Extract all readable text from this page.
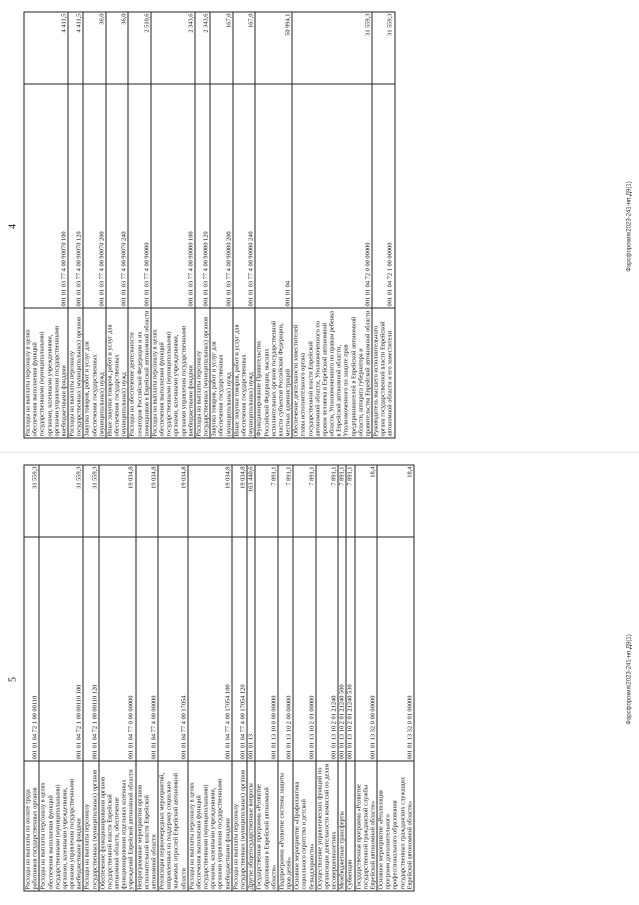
4
Расходы на выплаты персоналу в целях обеспечения выполнения функций государственными (муниципальными) органами, казенными учреждениями, органами управления государственными внебюджетными фондами	001 01 03 77 4 00 90070 100	4 411,5
Расходы на выплаты персоналу государственных (муниципальных) органов	001 01 03 77 4 00 90070 120	4 411,5
Закупка товаров, работ и услуг для обеспечения государственных (муниципальных) нужд	001 01 03 77 4 00 90070 200	36,0
Иные закупки товаров, работ и услуг для обеспечения государственных (муниципальных) нужд	001 01 03 77 4 00 90070 240	36,0
Расходы на обеспечение деятельности сенаторов Российской Федерации и их помощников в Еврейской автономной области	001 01 03 77 4 00 90080	2 510,6
Расходы на выплаты персоналу в целях обеспечения выполнения функций государственными (муниципальными) органами, казенными учреждениями, органами управления государственными внебюджетными фондами	001 01 03 77 4 00 90080 100	2 343,6
Расходы на выплаты персоналу государственных (муниципальных) органов	001 01 03 77 4 00 90080 120	2 343,6
Закупка товаров, работ и услуг для обеспечения государственных (муниципальных) нужд	001 01 03 77 4 00 90080 200	167,0
Иные закупки товаров, работ и услуг для обеспечения государственных (муниципальных) нужд	001 01 03 77 4 00 90080 240	167,0
Функционирование Правительства Российской Федерации, высших исполнительных органов государственной власти субъектов Российской Федерации, местных администраций	001 01 04	50 994,1
Обеспечение деятельности заместителей главы исполнительного органа государственной власти Еврейской автономной области, Уполномоченного по правам человека в Еврейской автономной области, Уполномоченного по правам ребенка в Еврейской автономной области, Уполномоченного по защите прав предпринимателей в Еврейской автономной области, аппарата губернатора и правительства Еврейской автономной области	001 01 04 72 0 00 00000	31 559,3
Руководитель высшего исполнительного органа государственной власти Еврейской автономной области и его заместители	001 01 04 72 1 00 00000	31 559,3
Фарсфорокия/2023-241-нп.Д9(1)
5
Расходы на выплаты по оплате труда работников государственных органов	001 01 04 72 1 00 00110	31 559,3
Расходы на выплаты персоналу в целях обеспечения выполнения функций государственными (муниципальными) органами, казенными учреждениями, органами управления государственными внебюджетными фондами	001 01 04 72 1 00 00110 100	31 559,3
Расходы на выплаты персоналу государственных (муниципальных) органов	001 01 04 72 1 00 00110 120	31 559,3
Обеспечение функционирования органов государственной власти Еврейской автономной области, обеспечение функционирования отдельных казенных учреждений Еврейской автономной области	001 01 04 77 0 00 00000	19 034,8
Непрограммные мероприятия органов исполнительной власти Еврейской автономной области	001 01 04 77 4 00 00000	19 034,8
Реализация первоочередных мероприятий, направленных на поддержку социально значимых отраслей Еврейской автономной области	001 01 04 77 4 00 17054	19 034,8
Расходы на выплаты персоналу в целях обеспечения выполнения функций государственными (муниципальными) органами, казенными учреждениями, органами управления государственными внебюджетными фондами	001 01 04 77 4 00 17054 100	19 034,8
Расходы на выплаты персоналу государственных (муниципальных) органов	001 01 04 77 4 00 17054 120	19 034,8
Другие общегосударственные вопросы	001 01 13	163 440,6
Государственная программа «Развитие образования в Еврейской автономной области»	001 01 13 10 0 00 00000	7 891,1
Подпрограмма «Развитие системы защиты прав детей»	001 01 13 10 2 00 00000	7 891,1
Основное мероприятие «Профилактика социального сиротства и детской безнадзорности»	001 01 13 10 2 01 00000	7 891,1
Осуществление управленческих функций по организации деятельности комиссий по делам несовершеннолетних	001 01 13 10 2 01 21240	7 891,1
Межбюджетные трансферты	001 01 13 10 2 01 21240 500	7 891,1
Субвенции	001 01 13 10 2 01 21240 530	7 891,1
Государственная программа «Развитие государственной гражданской службы Еврейской автономной области»	001 01 13 32 0 00 00000	18,4
Основное мероприятие «Реализация программ дополнительного профессионального образования государственных гражданских служащих Еврейской автономной области»	001 01 13 32 0 01 00000	18,4
Фарсфорокия/2023-241-нп.Д9(1)
